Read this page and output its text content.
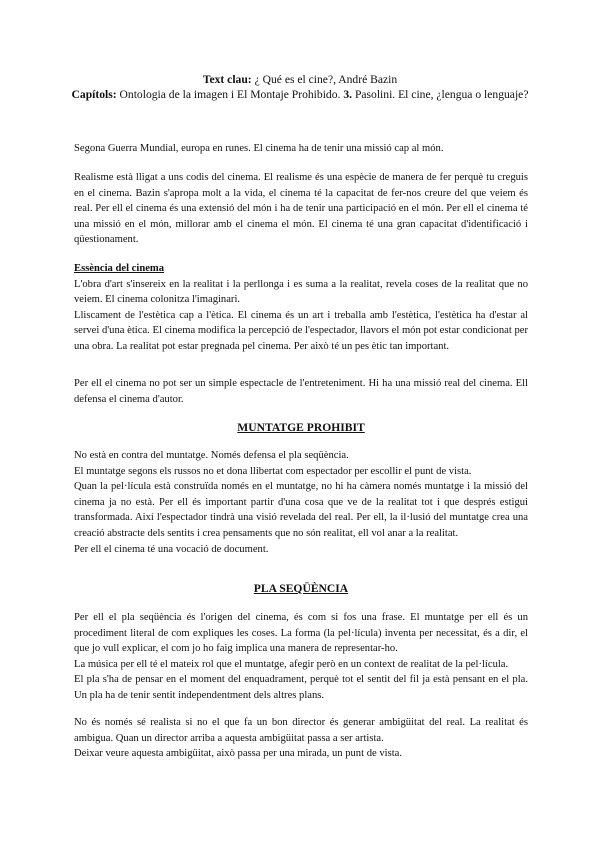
Text clau: ¿ Qué es el cine?, André Bazin
Capítols: Ontologia de la imagen i El Montaje Prohibido. 3. Pasolini. El cine, ¿lengua o lenguaje?

Segona Guerra Mundial, europa en runes. El cinema ha de tenir una missió cap al món.

Realisme està lligat a uns codis del cinema. El realisme és una espècie de manera de fer perquè tu creguis en el cinema. Bazin s'apropa molt a la vida, el cinema té la capacitat de fer-nos creure del que veiem és real. Per ell el cinema és una extensió del món i ha de tenir una participació en el món. Per ell el cinema té una missió en el món, millorar amb el cinema el món. El cinema té una gran capacitat d'identificació i qüestionament.

Essència del cinema

L'obra d'art s'insereix en la realitat i la perllonga i es suma a la realitat, revela coses de la realitat que no veiem. El cinema colonitza l'imaginari.

Lliscament de l'estètica cap a l'ètica. El cinema és un art i treballa amb l'estètica, l'estètica ha d'estar al servei d'una ètica. El cinema modifica la percepció de l'espectador, llavors el món pot estar condicionat per una obra. La realitat pot estar pregnada pel cinema. Per això té un pes ètic tan important.

Per ell el cinema no pot ser un simple espectacle de l'entreteniment. Hi ha una missió real del cinema. Ell defensa el cinema d'autor.

MUNTATGE PROHIBIT

No està en contra del muntatge. Només defensa el pla seqüència.

El muntatge segons els russos no et dona llibertat com espectador per escollir el punt de vista.

Quan la pel·lícula està construïda només en el muntatge, no hi ha càmera només muntatge i la missió del cinema ja no està. Per ell és important partir d'una cosa que ve de la realitat tot i que després estigui transformada. Així l'espectador tindrà una visió revelada del real. Per ell, la il·lusió del muntatge crea una creació abstracte dels sentits i crea pensaments que no són realitat, ell vol anar a la realitat.

Per ell el cinema té una vocació de document.

PLA SEQÜÈNCIA

Per ell el pla seqüència és l'origen del cinema, és com si fos una frase. El muntatge per ell és un procediment literal de com expliques les coses. La forma (la pel·lícula) inventa per necessitat, és a dir, el que jo vull explicar, el com jo ho faig implica una manera de representar-ho.

La música per ell té el mateix rol que el muntatge, afegir però en un context de realitat de la pel·lícula.

El pla s'ha de pensar en el moment del enquadrament, perquè tot el sentit del fil ja està pensant en el pla. Un pla ha de tenir sentit independentment dels altres plans.

No és només sé realista si no el que fa un bon director és generar ambigüitat del real. La realitat és ambigua. Quan un director arriba a aquesta ambigüitat passa a ser artista.

Deixar veure aquesta ambigüitat, això passa per una mirada, un punt de vista.
